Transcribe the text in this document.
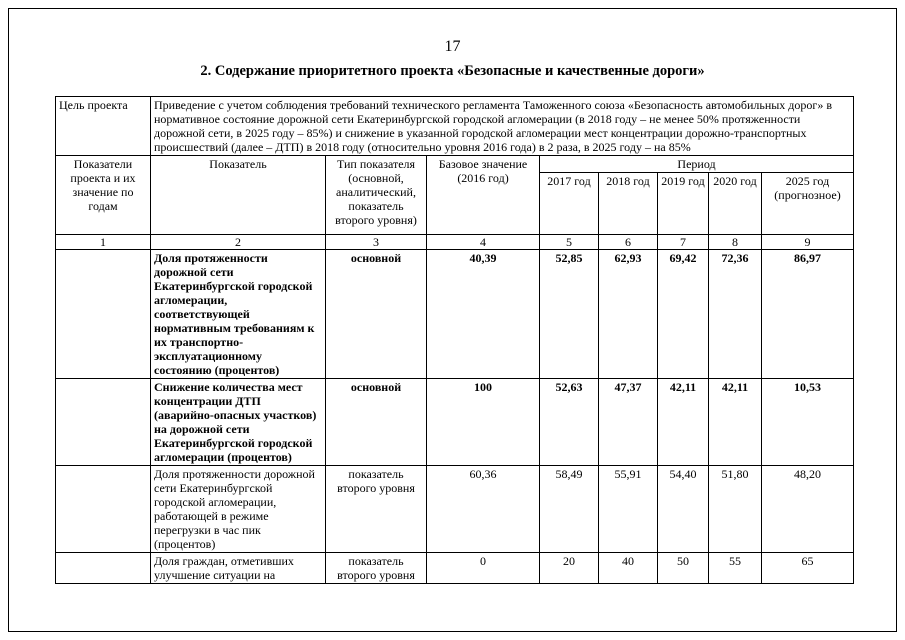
17
2. Содержание приоритетного проекта «Безопасные и качественные дороги»
Цель проекта	Приведение с учетом соблюдения требований технического регламента Таможенного союза «Безопасность автомобильных дорог» в нормативное состояние дорожной сети Екатеринбургской городской агломерации (в 2018 году – не менее 50% протяженности дорожной сети, в 2025 году – 85%) и снижение в указанной городской агломерации мест концентрации дорожно-транспортных происшествий (далее – ДТП) в 2018 году (относительно уровня 2016 года) в 2 раза, в 2025 году – на 85%							
Показатели проекта и их значение по годам	Показатель	Тип показателя (основной, аналитический, показатель второго уровня)	Базовое значение (2016 год)	Период				
				2017 год	2018 год	2019 год	2020 год	2025 год (прогнозное)
1	2	3	4	5	6	7	8	9
	Доля протяженности дорожной сети Екатеринбургской городской агломерации, соответствующей нормативным требованиям к их транспортно-эксплуатационному состоянию (процентов)	основной	40,39	52,85	62,93	69,42	72,36	86,97
	Снижение количества мест концентрации ДТП (аварийно-опасных участков) на дорожной сети Екатеринбургской городской агломерации (процентов)	основной	100	52,63	47,37	42,11	42,11	10,53
	Доля протяженности дорожной сети Екатеринбургской городской агломерации, работающей в режиме перегрузки в час пик (процентов)	показатель второго уровня	60,36	58,49	55,91	54,40	51,80	48,20
	Доля граждан, отметивших улучшение ситуации на	показатель второго уровня	0	20	40	50	55	65
